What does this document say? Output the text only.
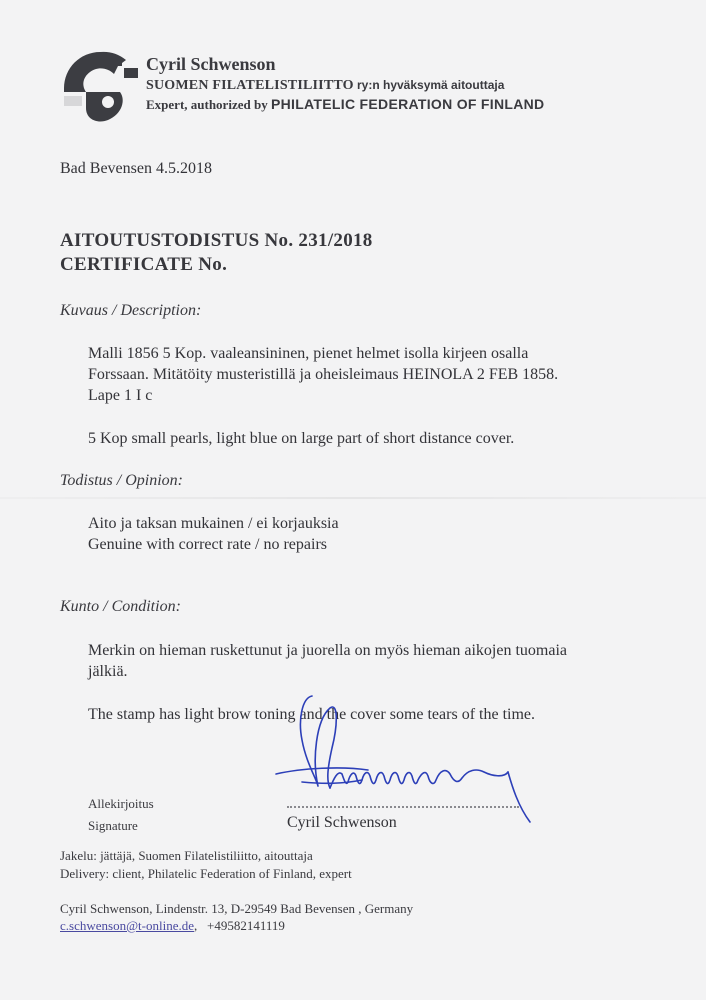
Cyril Schwenson
SUOMEN FILATELISTILIITTO ry:n hyväksymä aitouttaja
Expert, authorized by PHILATELIC FEDERATION OF FINLAND
Bad Bevensen 4.5.2018
AITOUTUSTODISTUS No. 231/2018
CERTIFICATE No.
Kuvaus / Description:
Malli 1856 5 Kop. vaaleansininen, pienet helmet isolla kirjeen osalla
Forssaan. Mitätöity musteristillä ja oheisleimaus HEINOLA 2 FEB 1858.
Lape 1 I c
5 Kop small pearls, light blue on large part of short distance cover.
Todistus / Opinion:
Aito ja taksan mukainen / ei korjauksia
Genuine with correct rate / no repairs
Kunto / Condition:
Merkin on hieman ruskettunut ja juorella on myös hieman aikojen tuomaia
jälkiä.
The stamp has light brow toning and the cover some tears of the time.
Allekirjoitus
Signature	Cyril Schwenson
Jakelu: jättäjä, Suomen Filatelistiliitto, aitouttaja
Delivery: client, Philatelic Federation of Finland, expert
Cyril Schwenson, Lindenstr. 13, D-29549 Bad Bevensen , Germany
c.schwenson@t-online.de,   +49582141119
